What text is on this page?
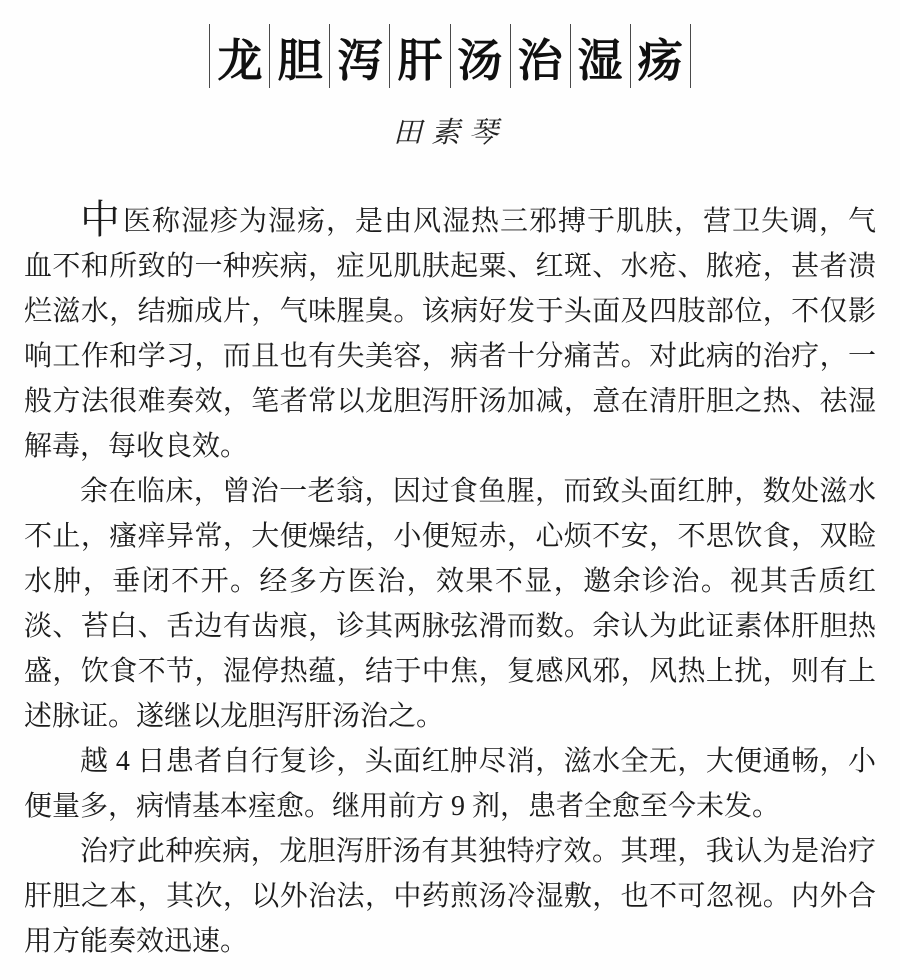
龙 胆 泻 肝 汤 治 湿 疡
田素琴

中医称湿疹为湿疡，是由风湿热三邪搏于肌肤，营卫失调，气血不和所致的一种疾病，症见肌肤起粟、红斑、水疮、脓疮，甚者溃烂滋水，结痂成片，气味腥臭。该病好发于头面及四肢部位，不仅影响工作和学习，而且也有失美容，病者十分痛苦。对此病的治疗，一般方法很难奏效，笔者常以龙胆泻肝汤加减，意在清肝胆之热、祛湿解毒，每收良效。

余在临床，曾治一老翁，因过食鱼腥，而致头面红肿，数处滋水不止，瘙痒异常，大便燥结，小便短赤，心烦不安，不思饮食，双睑水肿，垂闭不开。经多方医治，效果不显，邀余诊治。视其舌质红淡、苔白、舌边有齿痕，诊其两脉弦滑而数。余认为此证素体肝胆热盛，饮食不节，湿停热蕴，结于中焦，复感风邪，风热上扰，则有上述脉证。遂继以龙胆泻肝汤治之。

越 4 日患者自行复诊，头面红肿尽消，滋水全无，大便通畅，小便量多，病情基本痓愈。继用前方 9 剂，患者全愈至今未发。

治疗此种疾病，龙胆泻肝汤有其独特疗效。其理，我认为是治疗肝胆之本，其次，以外治法，中药煎汤冷湿敷，也不可忽视。内外合用方能奏效迅速。
